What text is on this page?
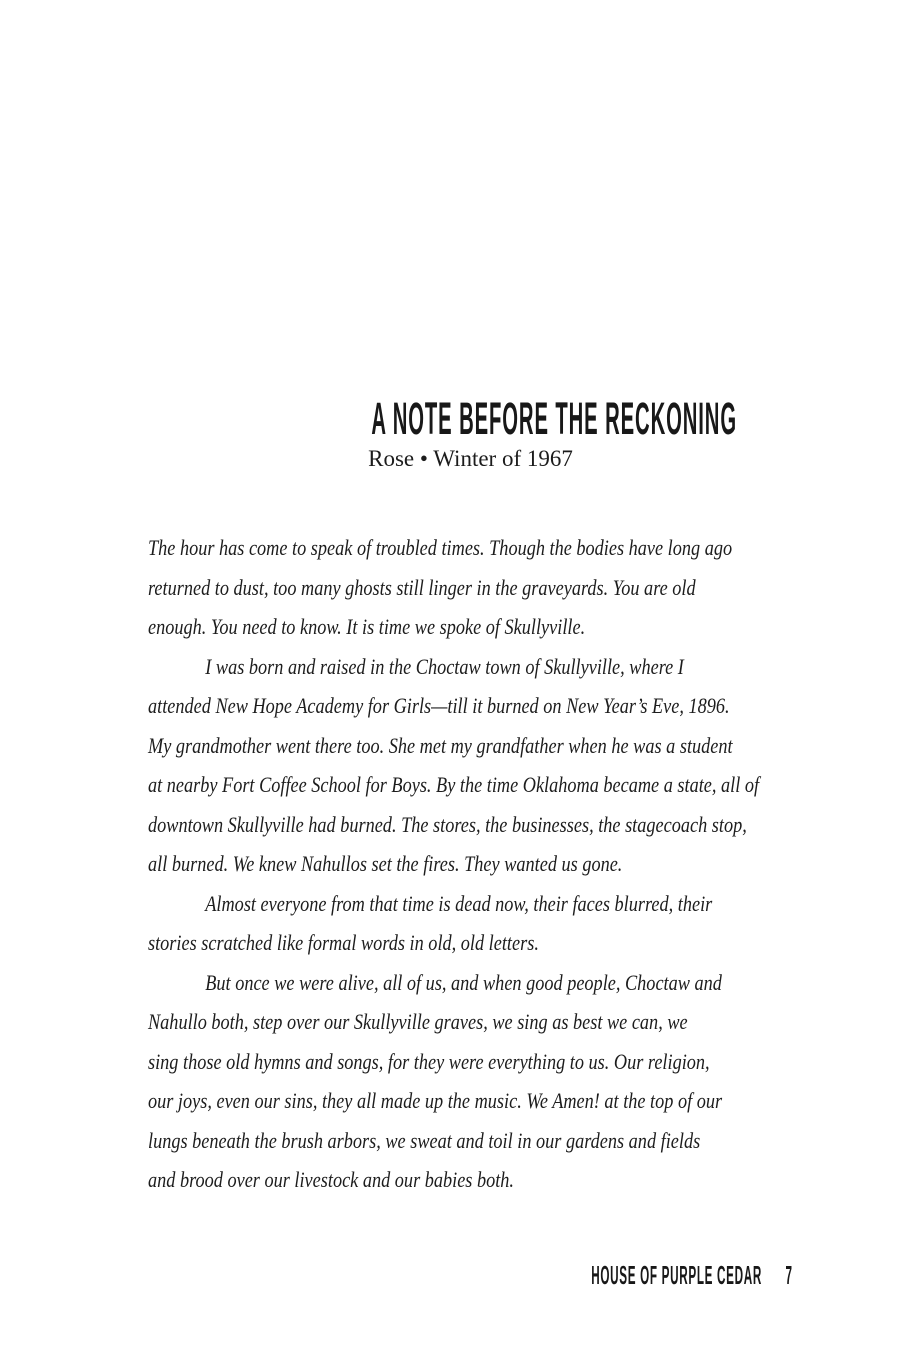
A NOTE BEFORE THE RECKONING
Rose • Winter of 1967
The hour has come to speak of troubled times. Though the bodies have long ago
returned to dust, too many ghosts still linger in the graveyards. You are old
enough. You need to know. It is time we spoke of Skullyville.
I was born and raised in the Choctaw town of Skullyville, where I
attended New Hope Academy for Girls—till it burned on New Year’s Eve, 1896.
My grandmother went there too. She met my grandfather when he was a student
at nearby Fort Coffee School for Boys. By the time Oklahoma became a state, all of
downtown Skullyville had burned. The stores, the businesses, the stagecoach stop,
all burned. We knew Nahullos set the fires. They wanted us gone.
Almost everyone from that time is dead now, their faces blurred, their
stories scratched like formal words in old, old letters.
But once we were alive, all of us, and when good people, Choctaw and
Nahullo both, step over our Skullyville graves, we sing as best we can, we
sing those old hymns and songs, for they were everything to us. Our religion,
our joys, even our sins, they all made up the music. We Amen! at the top of our
lungs beneath the brush arbors, we sweat and toil in our gardens and fields
and brood over our livestock and our babies both.
HOUSE OF PURPLE CEDAR 7
